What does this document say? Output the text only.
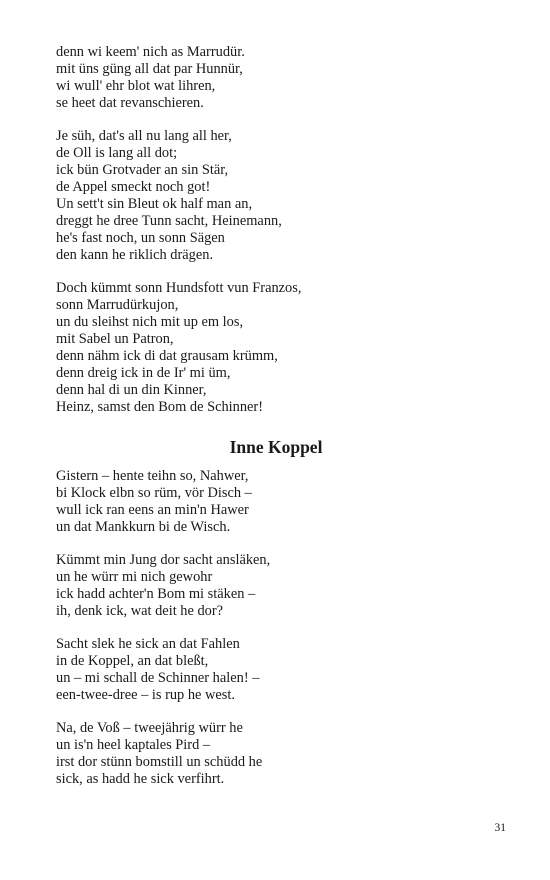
denn wi keem' nich as Marrudür.
mit üns güng all dat par Hunnür,
wi wull' ehr blot wat lihren,
se heet dat revanschieren.
Je süh, dat's all nu lang all her,
de Oll is lang all dot;
ick bün Grotvader an sin Stär,
de Appel smeckt noch got!
Un sett't sin Bleut ok half man an,
dreggt he dree Tunn sacht, Heinemann,
he's fast noch, un sonn Sägen
den kann he riklich drägen.
Doch kümmt sonn Hundsfott vun Franzos,
sonn Marrudürkujon,
un du sleihst nich mit up em los,
mit Sabel un Patron,
denn nähm ick di dat grausam krümm,
denn dreig ick in de Ir' mi üm,
denn hal di un din Kinner,
Heinz, samst den Bom de Schinner!
Inne Koppel
Gistern – hente teihn so, Nahwer,
bi Klock elbn so rüm, vör Disch –
wull ick ran eens an min'n Hawer
un dat Mankkurn bi de Wisch.
Kümmt min Jung dor sacht ansläken,
un he würr mi nich gewohr
ick hadd achter'n Bom mi stäken –
ih, denk ick, wat deit he dor?
Sacht slek he sick an dat Fahlen
in de Koppel, an dat bleßt,
un – mi schall de Schinner halen! –
een-twee-dree – is rup he west.
Na, de Voß – tweejährig würr he
un is'n heel kaptales Pird –
irst dor stünn bomstill un schüdd he
sick, as hadd he sick verfihrt.
31
